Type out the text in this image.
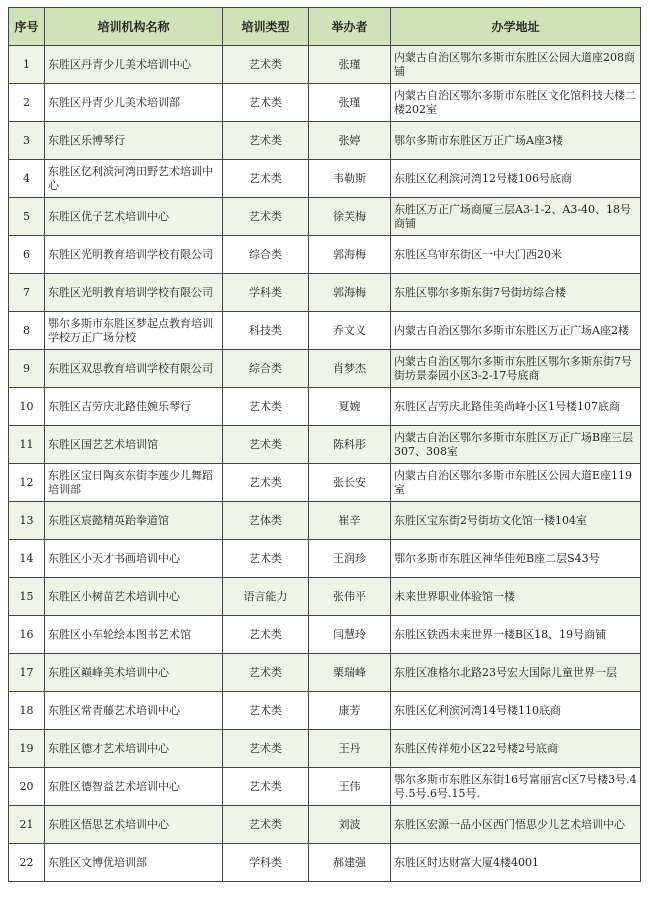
序号	培训机构名称	培训类型	举办者	办学地址
1	东胜区丹青少儿美术培训中心	艺术类	张瑾	内蒙古自治区鄂尔多斯市东胜区公园大道座208商铺
2	东胜区丹青少儿美术培训部	艺术类	张瑾	内蒙古自治区鄂尔多斯市东胜区文化馆科技大楼二楼202室
3	东胜区乐博琴行	艺术类	张婷	鄂尔多斯市东胜区万正广场A座3楼
4	东胜区亿利滨河湾田野艺术培训中心	艺术类	韦勒斯	东胜区亿利滨河湾12号楼106号底商
5	东胜区优子艺术培训中心	艺术类	徐芙梅	东胜区万正广场商厦三层A3-1-2、A3-40、18号商铺
6	东胜区光明教育培训学校有限公司	综合类	郭海梅	东胜区乌审东街区一中大门西20米
7	东胜区光明教育培训学校有限公司	学科类	郭海梅	东胜区鄂尔多斯东街7号街坊综合楼
8	鄂尔多斯市东胜区梦起点教育培训学校万正广场分校	科技类	乔文义	内蒙古自治区鄂尔多斯市东胜区万正广场A座2楼
9	东胜区双思教育培训学校有限公司	综合类	肖梦杰	内蒙古自治区鄂尔多斯市东胜区鄂尔多斯东街7号街坊景泰园小区3-2-17号底商
10	东胜区吉劳庆北路佳婉乐琴行	艺术类	夏婉	东胜区吉劳庆北路佳美尚峰小区1号楼107底商
11	东胜区国艺艺术培训馆	艺术类	陈科彤	内蒙古自治区鄂尔多斯市东胜区万正广场B座三层307、308室
12	东胜区宝日陶亥东街李莲少儿舞蹈培训部	艺术类	张长安	内蒙古自治区鄂尔多斯市东胜区公园大道E座119室
13	东胜区宸懿精英跆拳道馆	艺体类	崔辛	东胜区宝东街2号街坊文化馆一楼104室
14	东胜区小天才书画培训中心	艺术类	王润珍	鄂尔多斯市东胜区神华佳苑B座二层S43号
15	东胜区小树苗艺术培训中心	语言能力	张伟平	未来世界职业体验馆一楼
16	东胜区小车轮绘本图书艺术馆	艺术类	闫慧玲	东胜区铁西未来世界一楼B区18、19号商铺
17	东胜区巅峰美术培训中心	艺术类	栗瑞峰	东胜区准格尔北路23号宏大国际儿童世界一层
18	东胜区常青藤艺术培训中心	艺术类	康芳	东胜区亿利滨河湾14号楼110底商
19	东胜区德才艺术培训中心	艺术类	王丹	东胜区传祥苑小区22号楼2号底商
20	东胜区德智益艺术培训中心	艺术类	王伟	鄂尔多斯市东胜区东街16号富丽宫c区7号楼3号.4号.5号.6号.15号.
21	东胜区悟思艺术培训中心	艺术类	刘波	东胜区宏源一品小区西门悟思少儿艺术培训中心
22	东胜区文博优培训部	学科类	郝建强	东胜区时达财富大厦4楼4001
